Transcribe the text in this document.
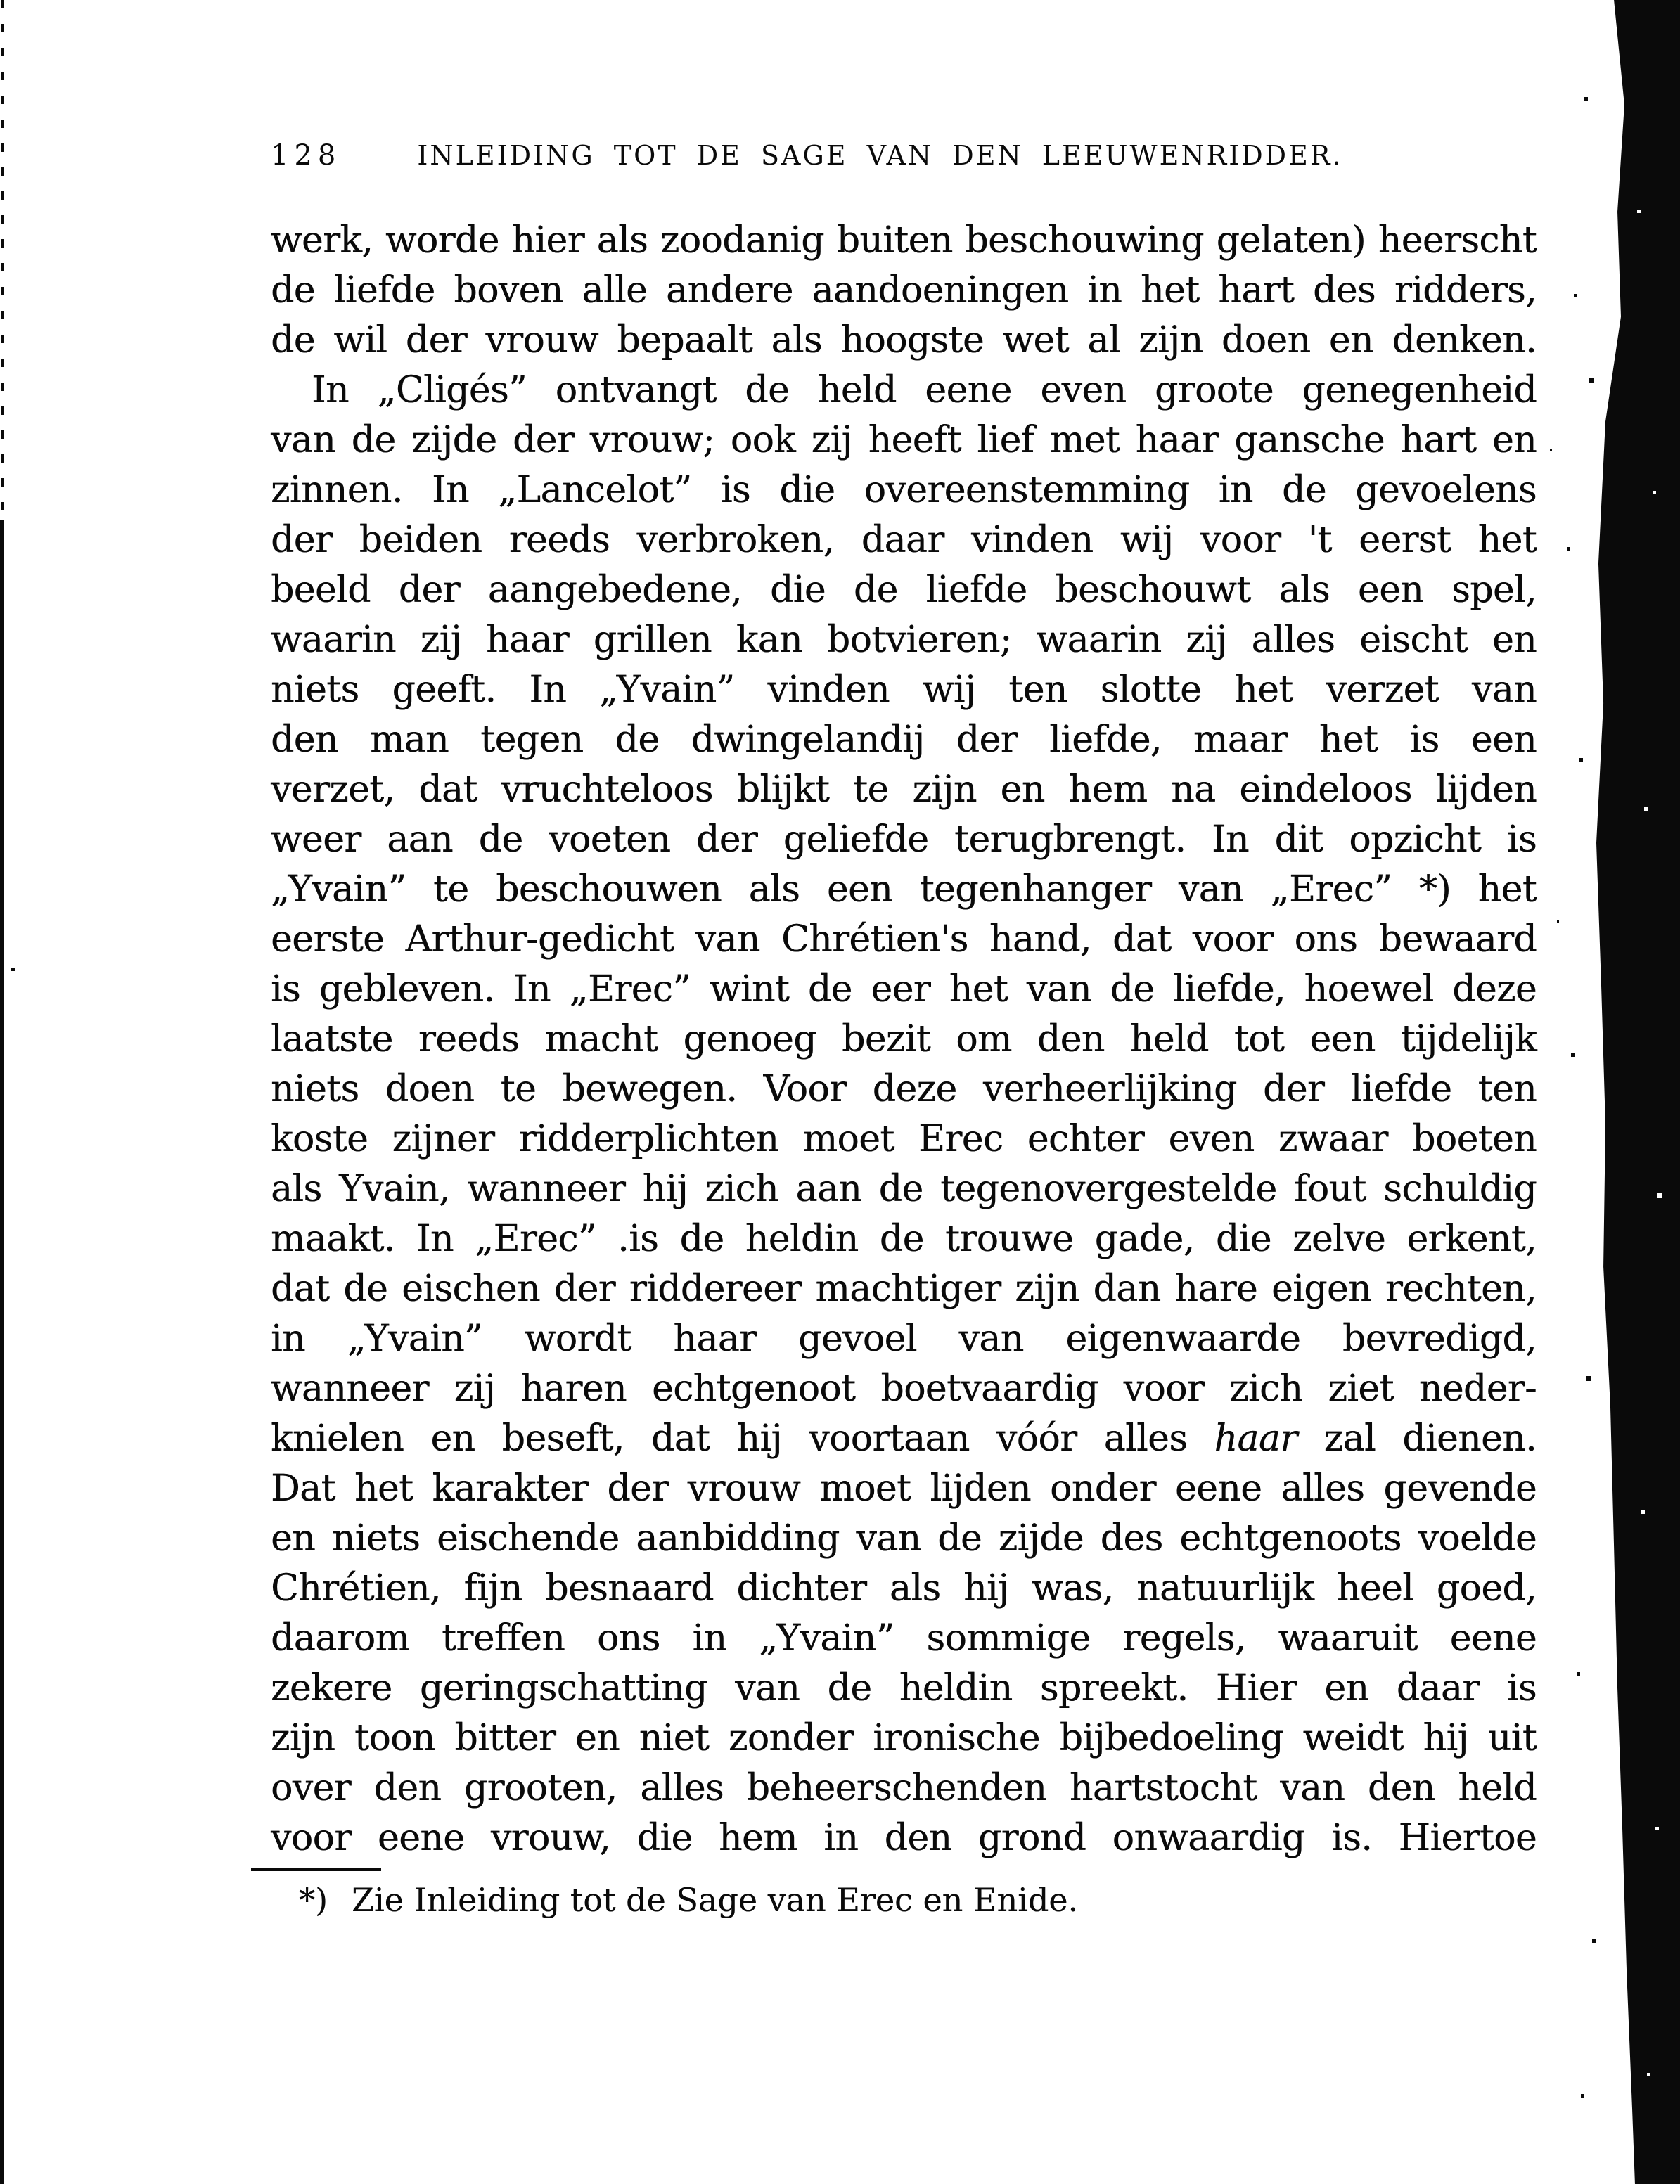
128	INLEIDING TOT DE SAGE VAN DEN LEEUWENRIDDER.
werk, worde hier als zoodanig buiten beschouwing gelaten) heerscht
de liefde boven alle andere aandoeningen in het hart des ridders,
de wil der vrouw bepaalt als hoogste wet al zijn doen en denken.
In „Cligés” ontvangt de held eene even groote genegenheid
van de zijde der vrouw; ook zij heeft lief met haar gansche hart en
zinnen. In „Lancelot” is die overeenstemming in de gevoelens
der beiden reeds verbroken, daar vinden wij voor 't eerst het
beeld der aangebedene, die de liefde beschouwt als een spel,
waarin zij haar grillen kan botvieren; waarin zij alles eischt en
niets geeft. In „Yvain” vinden wij ten slotte het verzet van
den man tegen de dwingelandij der liefde, maar het is een
verzet, dat vruchteloos blijkt te zijn en hem na eindeloos lijden
weer aan de voeten der geliefde terugbrengt. In dit opzicht is
„Yvain” te beschouwen als een tegenhanger van „Erec” *) het
eerste Arthur-gedicht van Chrétien's hand, dat voor ons bewaard
is gebleven. In „Erec” wint de eer het van de liefde, hoewel deze
laatste reeds macht genoeg bezit om den held tot een tijdelijk
niets doen te bewegen. Voor deze verheerlijking der liefde ten
koste zijner ridderplichten moet Erec echter even zwaar boeten
als Yvain, wanneer hij zich aan de tegenovergestelde fout schuldig
maakt. In „Erec” .is de heldin de trouwe gade, die zelve erkent,
dat de eischen der riddereer machtiger zijn dan hare eigen rechten,
in „Yvain” wordt haar gevoel van eigenwaarde bevredigd,
wanneer zij haren echtgenoot boetvaardig voor zich ziet neder-
knielen en beseft, dat hij voortaan vóór alles haar zal dienen.
Dat het karakter der vrouw moet lijden onder eene alles gevende
en niets eischende aanbidding van de zijde des echtgenoots voelde
Chrétien, fijn besnaard dichter als hij was, natuurlijk heel goed,
daarom treffen ons in „Yvain” sommige regels, waaruit eene
zekere geringschatting van de heldin spreekt. Hier en daar is
zijn toon bitter en niet zonder ironische bijbedoeling weidt hij uit
over den grooten, alles beheerschenden hartstocht van den held
voor eene vrouw, die hem in den grond onwaardig is. Hiertoe
*) Zie Inleiding tot de Sage van Erec en Enide.
